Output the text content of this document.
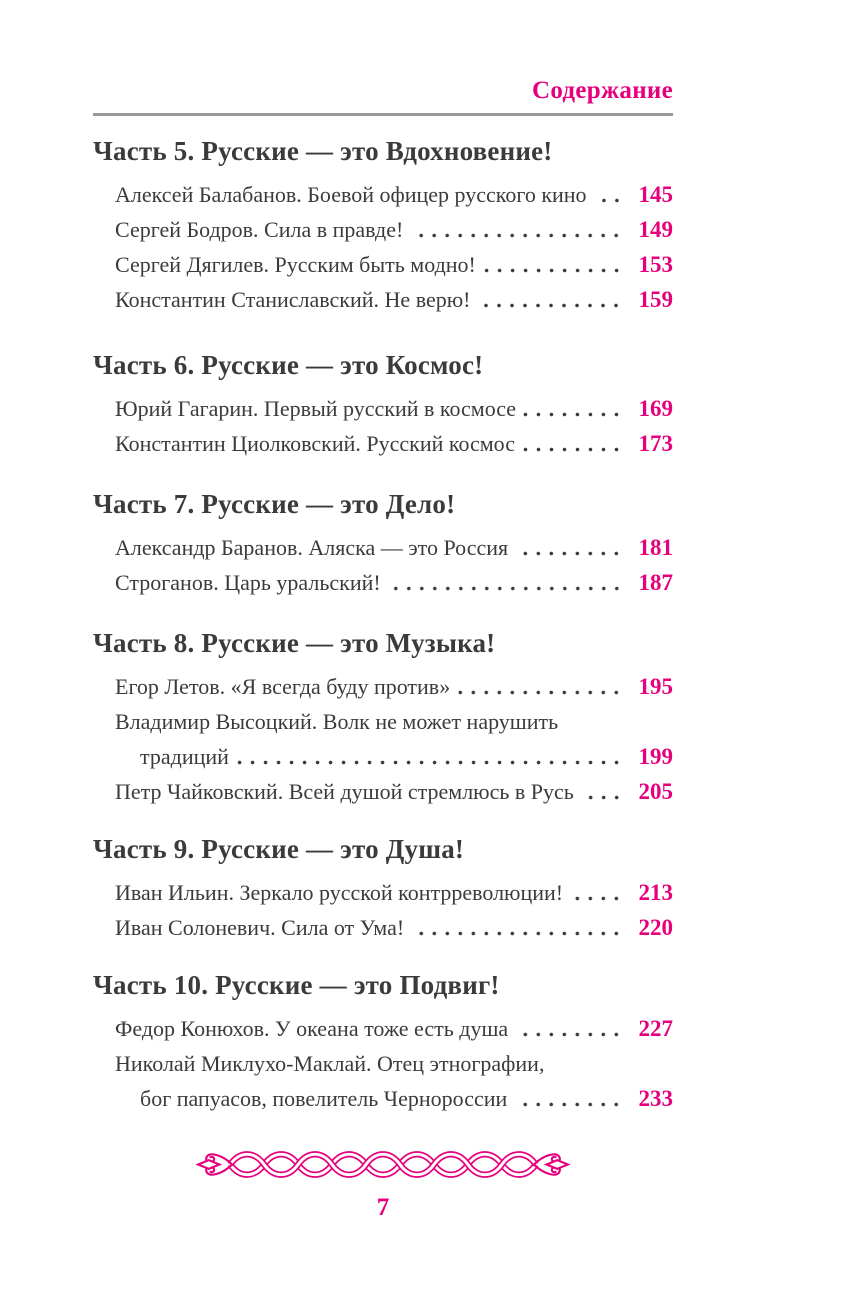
Содержание
Часть 5. Русские — это Вдохновение!
Алексей Балабанов. Боевой офицер русского кино	145
Сергей Бодров. Сила в правде!	149
Сергей Дягилев. Русским быть модно!	153
Константин Станиславский. Не верю!	159
Часть 6. Русские — это Космос!
Юрий Гагарин. Первый русский в космосе	169
Константин Циолковский. Русский космос	173
Часть 7. Русские — это Дело!
Александр Баранов. Аляска — это Россия	181
Строганов. Царь уральский!	187
Часть 8. Русские — это Музыка!
Егор Летов. «Я всегда буду против»	195
Владимир Высоцкий. Волк не может нарушить
традиций	199
Петр Чайковский. Всей душой стремлюсь в Русь	205
Часть 9. Русские — это Душа!
Иван Ильин. Зеркало русской контрреволюции!	213
Иван Солоневич. Сила от Ума!	220
Часть 10. Русские — это Подвиг!
Федор Конюхов. У океана тоже есть душа	227
Николай Миклухо-Маклай. Отец этнографии,
бог папуасов, повелитель Чернороссии	233
7
